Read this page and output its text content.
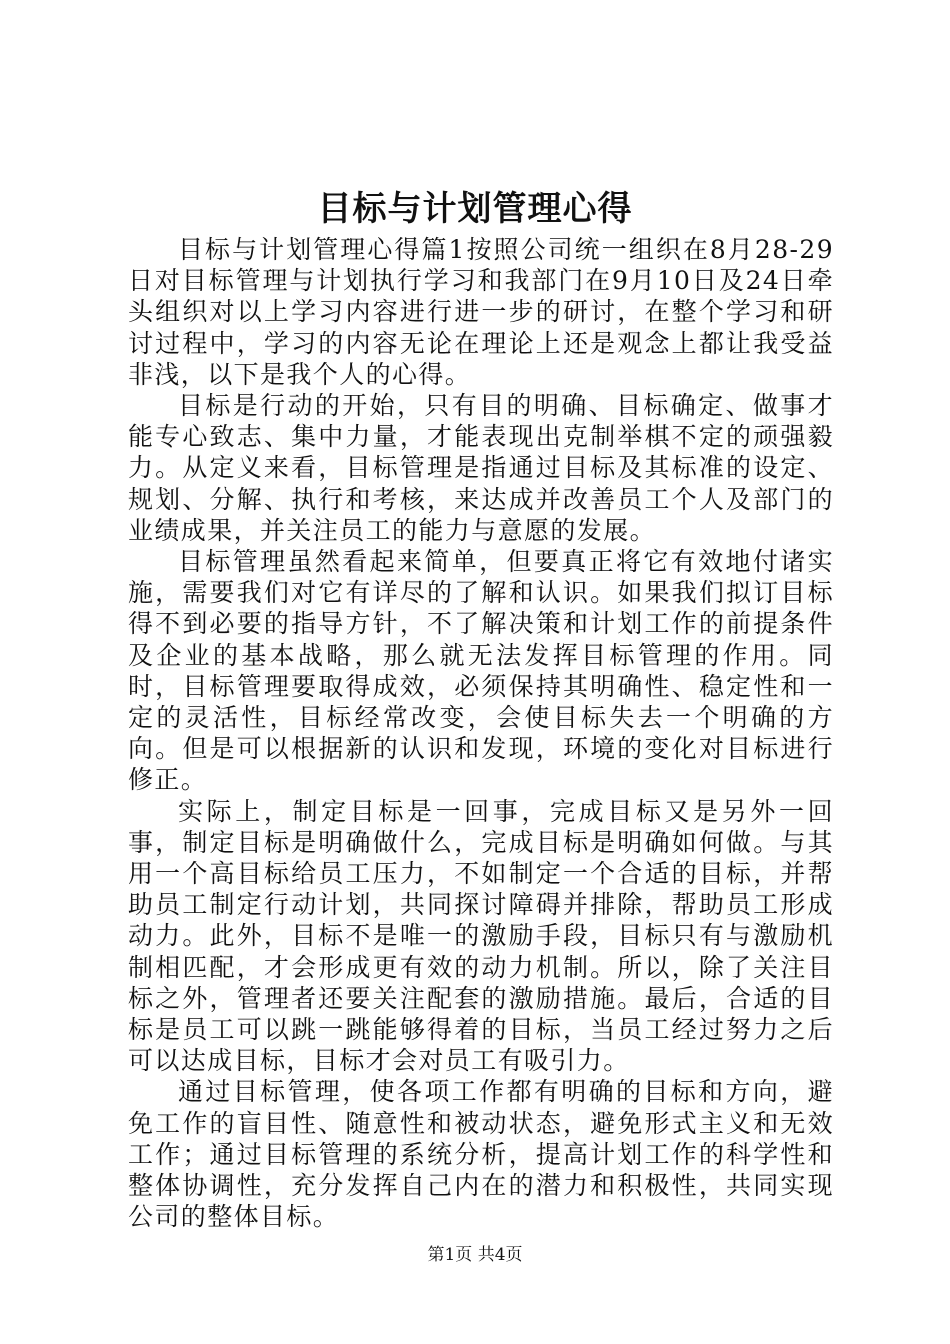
目标与计划管理心得

目标与计划管理心得篇1按照公司统一组织在8月28-29日对目标管理与计划执行学习和我部门在9月10日及24日牵头组织对以上学习内容进行进一步的研讨，在整个学习和研讨过程中，学习的内容无论在理论上还是观念上都让我受益非浅，以下是我个人的心得。

目标是行动的开始，只有目的明确、目标确定、做事才能专心致志、集中力量，才能表现出克制举棋不定的顽强毅力。从定义来看，目标管理是指通过目标及其标准的设定、规划、分解、执行和考核，来达成并改善员工个人及部门的业绩成果，并关注员工的能力与意愿的发展。

目标管理虽然看起来简单，但要真正将它有效地付诸实施，需要我们对它有详尽的了解和认识。如果我们拟订目标得不到必要的指导方针，不了解决策和计划工作的前提条件及企业的基本战略，那么就无法发挥目标管理的作用。同时，目标管理要取得成效，必须保持其明确性、稳定性和一定的灵活性，目标经常改变，会使目标失去一个明确的方向。但是可以根据新的认识和发现，环境的变化对目标进行修正。

实际上，制定目标是一回事，完成目标又是另外一回事，制定目标是明确做什么，完成目标是明确如何做。与其用一个高目标给员工压力，不如制定一个合适的目标，并帮助员工制定行动计划，共同探讨障碍并排除，帮助员工形成动力。此外，目标不是唯一的激励手段，目标只有与激励机制相匹配，才会形成更有效的动力机制。所以，除了关注目标之外，管理者还要关注配套的激励措施。最后，合适的目标是员工可以跳一跳能够得着的目标，当员工经过努力之后可以达成目标，目标才会对员工有吸引力。

通过目标管理，使各项工作都有明确的目标和方向，避免工作的盲目性、随意性和被动状态，避免形式主义和无效工作；通过目标管理的系统分析，提高计划工作的科学性和整体协调性，充分发挥自己内在的潜力和积极性，共同实现公司的整体目标。

第1页 共4页
